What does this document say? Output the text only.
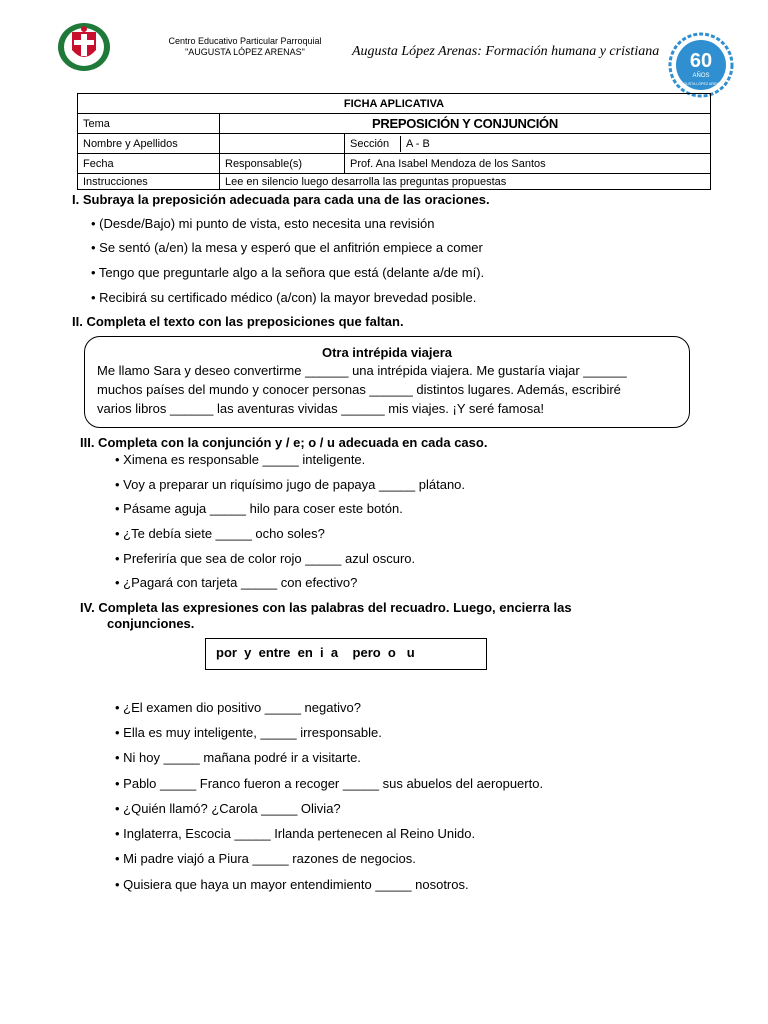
Centro Educativo Particular Parroquial
"AUGUSTA LÓPEZ ARENAS"	Augusta López Arenas: Formación humana y cristiana 60
AÑOS
AUGUSTA LÓPEZ ARENAS
FICHA APLICATIVA		
Tema	PREPOSICIÓN Y CONJUNCIÓN	
Nombre y Apellidos		Sección A - B

Fecha	Responsable(s)	Prof. Ana Isabel Mendoza de los Santos
Instrucciones	Lee en silencio luego desarrolla las preguntas propuestas	
I. Subraya la preposición adecuada para cada una de las oraciones.
• (Desde/Bajo) mi punto de vista, esto necesita una revisión
• Se sentó (a/en) la mesa y esperó que el anfitrión empiece a comer
• Tengo que preguntarle algo a la señora que está (delante a/de mí).
• Recibirá su certificado médico (a/con) la mayor brevedad posible.
II. Completa el texto con las preposiciones que faltan.
Otra intrépida viajera
Me llamo Sara y deseo convertirme ______ una intrépida viajera. Me gustaría viajar ______
muchos países del mundo y conocer personas ______ distintos lugares. Además, escribiré
varios libros ______ las aventuras vividas ______ mis viajes. ¡Y seré famosa!
III. Completa con la conjunción y / e; o / u adecuada en cada caso.
• Ximena es responsable _____ inteligente.
• Voy a preparar un riquísimo jugo de papaya _____ plátano.
• Pásame aguja _____ hilo para coser este botón.
• ¿Te debía siete _____ ocho soles?
• Preferiría que sea de color rojo _____ azul oscuro.
• ¿Pagará con tarjeta _____ con efectivo?
IV. Completa las expresiones con las palabras del recuadro. Luego, encierra las
conjunciones.
por  y  entre  en  i  a    pero  o   u
• ¿El examen dio positivo _____ negativo?
• Ella es muy inteligente, _____ irresponsable.
• Ni hoy _____ mañana podré ir a visitarte.
• Pablo _____ Franco fueron a recoger _____ sus abuelos del aeropuerto.
• ¿Quién llamó? ¿Carola _____ Olivia?
• Inglaterra, Escocia _____ Irlanda pertenecen al Reino Unido.
• Mi padre viajó a Piura _____ razones de negocios.
• Quisiera que haya un mayor entendimiento _____ nosotros.
